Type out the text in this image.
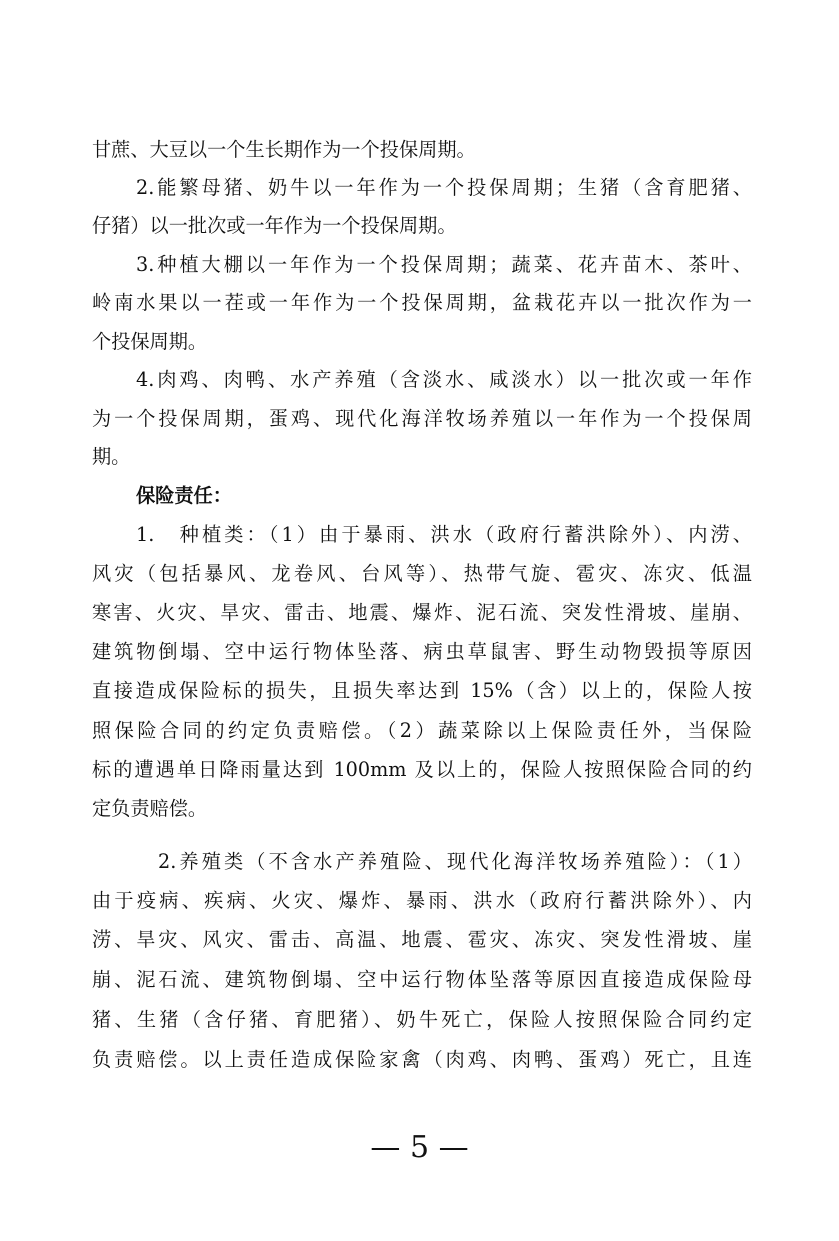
甘蔗、大豆以一个生长期作为一个投保周期。
2.能繁母猪、奶牛以一年作为一个投保周期；生猪（含育肥猪、
仔猪）以一批次或一年作为一个投保周期。
3.种植大棚以一年作为一个投保周期；蔬菜、花卉苗木、茶叶、
岭南水果以一茬或一年作为一个投保周期，盆栽花卉以一批次作为一
个投保周期。
4.肉鸡、肉鸭、水产养殖（含淡水、咸淡水）以一批次或一年作
为一个投保周期，蛋鸡、现代化海洋牧场养殖以一年作为一个投保周
期。
保险责任：
1.　种植类：（1）由于暴雨、洪水（政府行蓄洪除外）、内涝、
风灾（包括暴风、龙卷风、台风等）、热带气旋、雹灾、冻灾、低温
寒害、火灾、旱灾、雷击、地震、爆炸、泥石流、突发性滑坡、崖崩、
建筑物倒塌、空中运行物体坠落、病虫草鼠害、野生动物毁损等原因
直接造成保险标的损失，且损失率达到 15%（含）以上的，保险人按
照保险合同的约定负责赔偿。（2）蔬菜除以上保险责任外，当保险
标的遭遇单日降雨量达到 100mm 及以上的，保险人按照保险合同的约
定负责赔偿。
2.养殖类（不含水产养殖险、现代化海洋牧场养殖险）：（1）
由于疫病、疾病、火灾、爆炸、暴雨、洪水（政府行蓄洪除外）、内
涝、旱灾、风灾、雷击、高温、地震、雹灾、冻灾、突发性滑坡、崖
崩、泥石流、建筑物倒塌、空中运行物体坠落等原因直接造成保险母
猪、生猪（含仔猪、育肥猪）、奶牛死亡，保险人按照保险合同约定
负责赔偿。以上责任造成保险家禽（肉鸡、肉鸭、蛋鸡）死亡，且连
— 5 —
